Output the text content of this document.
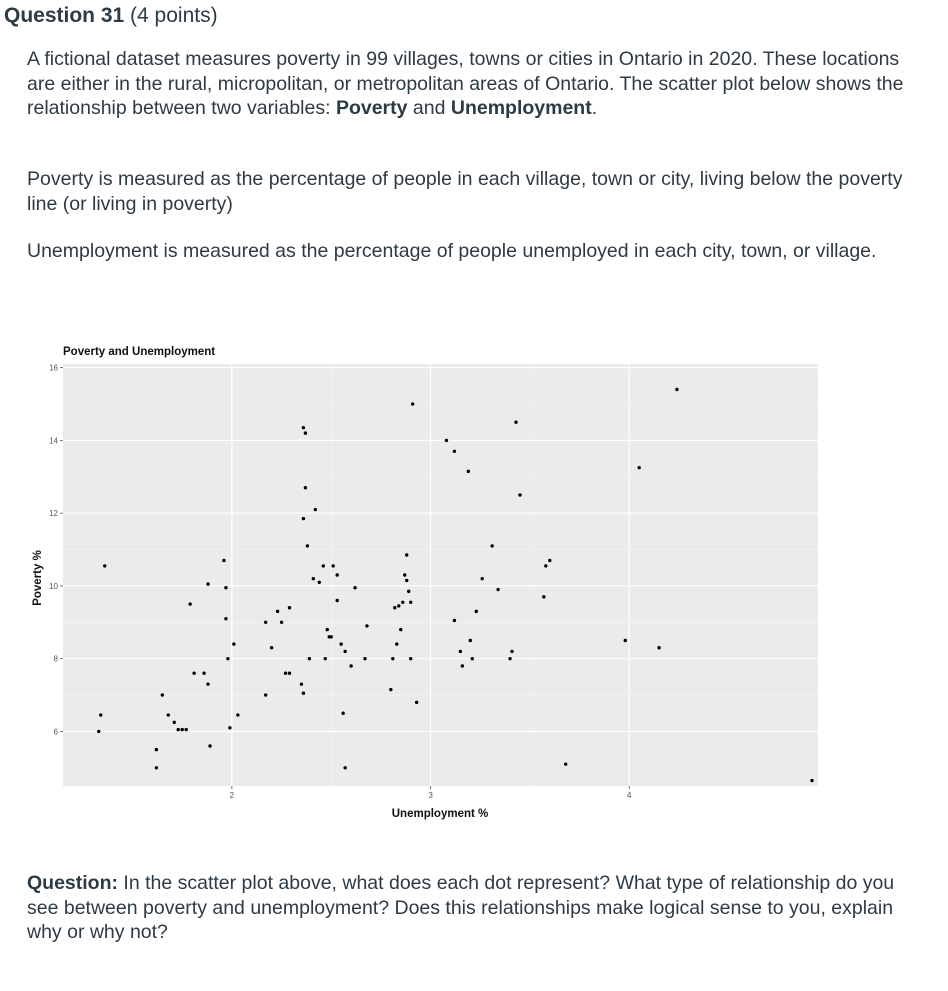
Question 31 (4 points)
A fictional dataset measures poverty in 99 villages, towns or cities in Ontario in 2020. These locations are either in the rural, micropolitan, or metropolitan areas of Ontario. The scatter plot below shows the relationship between two variables: Poverty and Unemployment.
Poverty is measured as the percentage of people in each village, town or city, living below the poverty line (or living in poverty)
Unemployment is measured as the percentage of people unemployed in each city, town, or village.
2	3	4
6
8
10
12
14
16
Poverty and Unemployment
Unemployment %
Poverty %
Question: In the scatter plot above, what does each dot represent? What type of relationship do you see between poverty and unemployment? Does this relationships make logical sense to you, explain why or why not?
